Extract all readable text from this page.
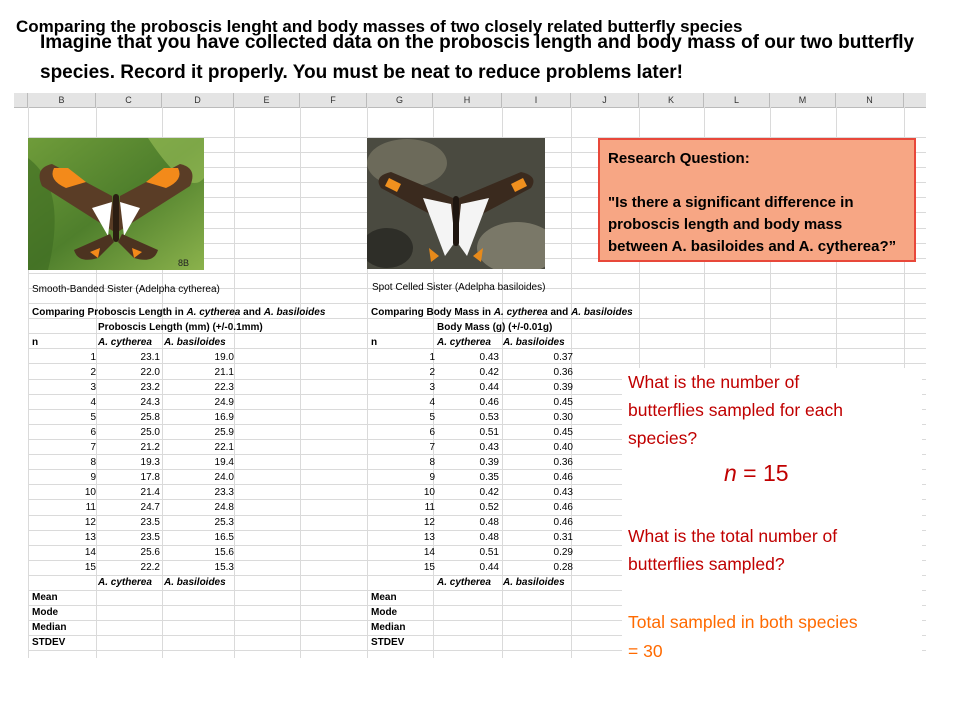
Imagine that you have collected data on the proboscis length and body mass of our two butterfly species. Record it properly. You must be neat to reduce problems later!

B	C	D	E	F	G	H	I	J	K	L	M	N
Comparing the proboscis lenght and body masses of two closely related butterfly species
8B
Smooth-Banded Sister (Adelpha cytherea)	Spot Celled Sister (Adelpha basiloides)

Research Question:

"Is there a significant difference in proboscis length and body mass between A. basiloides and A. cytherea?”

Comparing Proboscis Length in A. cytherea and A. basiloides
Proboscis Length (mm) (+/-0.1mm)
n	A. cytherea A. basiloides
1	23.1	19.0
2	22.0	21.1
3	23.2	22.3
4	24.3	24.9
5	25.8	16.9
6	25.0	25.9
7	21.2	22.1
8	19.3	19.4
9	17.8	24.0
10	21.4	23.3
11	24.7	24.8
12	23.5	25.3
13	23.5	16.5
14	25.6	15.6
15	22.2	15.3
A. cytherea A. basiloides
Mean
Mode
Median
STDEV
Comparing Body Mass in A. cytherea and A. basiloides
Body Mass (g) (+/-0.01g)
n	A. cytherea A. basiloides
1	0.43	0.37
2	0.42	0.36
3	0.44	0.39
4	0.46	0.45
5	0.53	0.30
6	0.51	0.45
7	0.43	0.40
8	0.39	0.36
9	0.35	0.46
10	0.42	0.43
11	0.52	0.46
12	0.48	0.46
13	0.48	0.31
14	0.51	0.29
15	0.44	0.28
A. cytherea A. basiloides
Mean
Mode
Median
STDEV

What is the number of butterflies sampled for each species?

n = 15

What is the total number of butterflies sampled?

Total sampled in both species = 30
